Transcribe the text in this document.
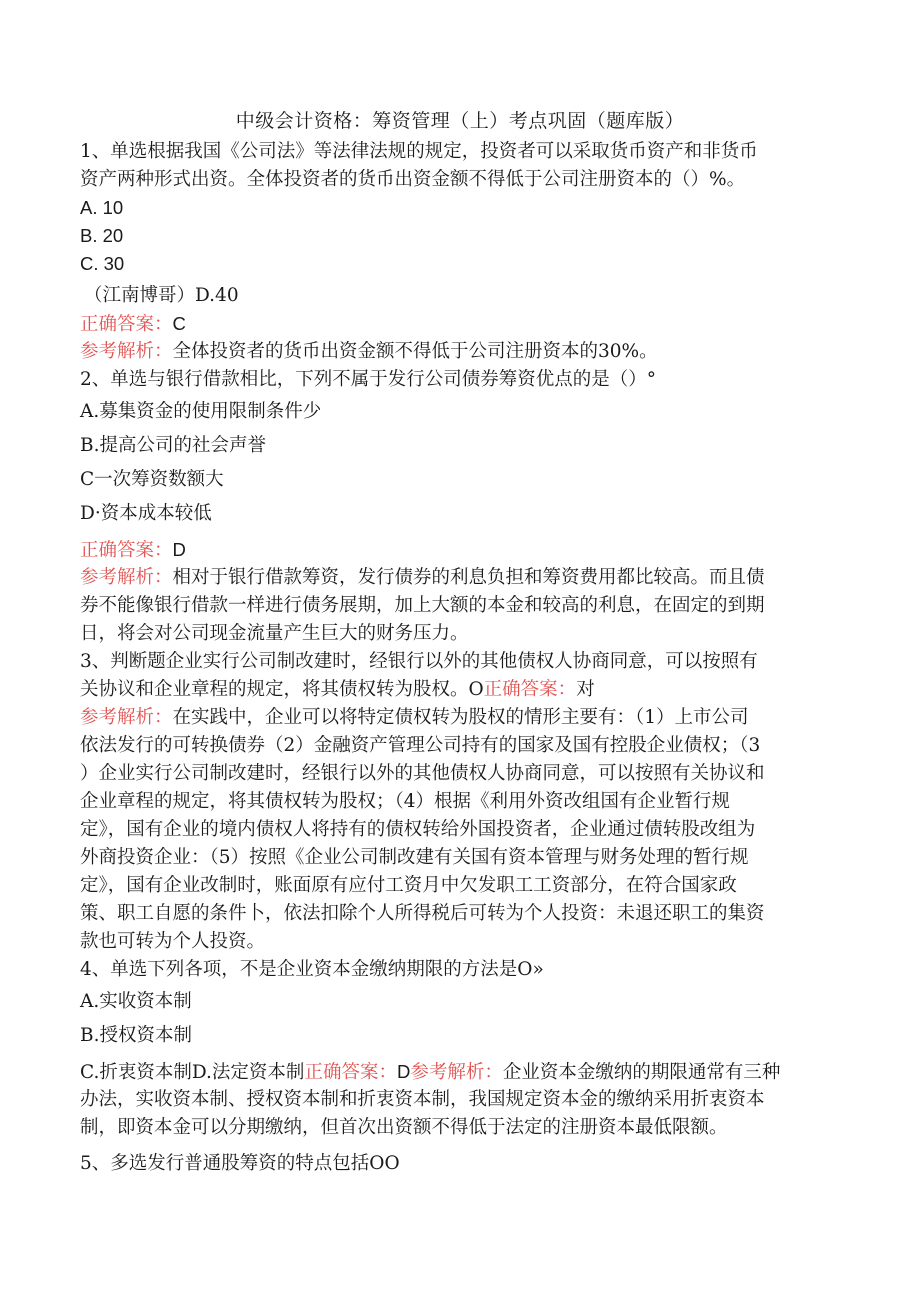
中级会计资格：筹资管理（上）考点巩固（题库版）
1、单选根据我国《公司法》等法律法规的规定，投资者可以采取货币资产和非货币
资产两种形式出资。全体投资者的货币出资金额不得低于公司注册资本的（）%。
A. 10
B. 20
C. 30
（江南博哥）D.40
正确答案：C
参考解析：全体投资者的货币出资金额不得低于公司注册资本的30%。
2、单选与银行借款相比，下列不属于发行公司债券筹资优点的是（）°
A.募集资金的使用限制条件少
B.提高公司的社会声誉
C一次筹资数额大
D·资本成本较低
正确答案：D
参考解析：相对于银行借款筹资，发行债券的利息负担和筹资费用都比较高。而且债
券不能像银行借款一样进行债务展期，加上大额的本金和较高的利息，在固定的到期
日，将会对公司现金流量产生巨大的财务压力。
3、判断题企业实行公司制改建时，经银行以外的其他债权人协商同意，可以按照有
关协议和企业章程的规定，将其债权转为股权。O正确答案：对
参考解析：在实践中，企业可以将特定债权转为股权的情形主要有：（1）上市公司
依法发行的可转换债券（2）金融资产管理公司持有的国家及国有控股企业债权；（3
）企业实行公司制改建时，经银行以外的其他债权人协商同意，可以按照有关协议和
企业章程的规定，将其债权转为股权；（4）根据《利用外资改组国有企业暂行规
定》，国有企业的境内债权人将持有的债权转给外国投资者，企业通过债转股改组为
外商投资企业：（5）按照《企业公司制改建有关国有资本管理与财务处理的暂行规
定》，国有企业改制时，账面原有应付工资月中欠发职工工资部分，在符合国家政
策、职工自愿的条件卜，依法扣除个人所得税后可转为个人投资：未退还职工的集资
款也可转为个人投资。
4、单选下列各项，不是企业资本金缴纳期限的方法是O»
A.实收资本制
B.授权资本制
C.折衷资本制D.法定资本制正确答案：D参考解析：企业资本金缴纳的期限通常有三种
办法，实收资本制、授权资本制和折衷资本制，我国规定资本金的缴纳采用折衷资本
制，即资本金可以分期缴纳，但首次出资额不得低于法定的注册资本最低限额。
5、多选发行普通股筹资的特点包括OO
